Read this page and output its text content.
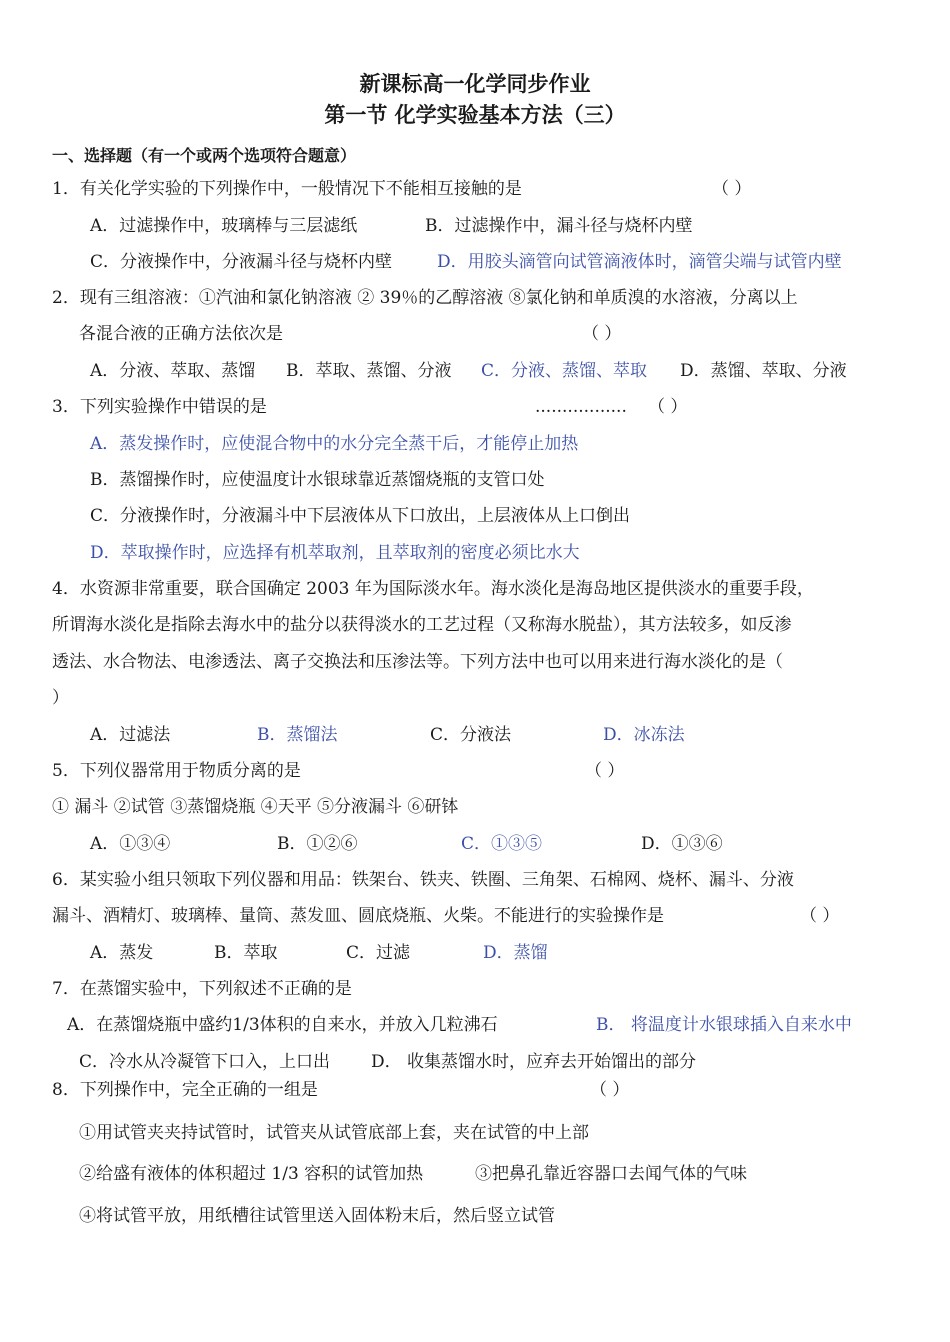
新课标高一化学同步作业
第一节 化学实验基本方法（三）
一、选择题（有一个或两个选项符合题意）
1．有关化学实验的下列操作中，一般情况下不能相互接触的是	（ ）
A．过滤操作中，玻璃棒与三层滤纸	B．过滤操作中，漏斗径与烧杯内壁
C．分液操作中，分液漏斗径与烧杯内壁	D．用胶头滴管向试管滴液体时，滴管尖端与试管内壁
2．现有三组溶液：①汽油和氯化钠溶液 ② 39％的乙醇溶液 ⑧氯化钠和单质溴的水溶液，分离以上
各混合液的正确方法依次是	（ ）
A．分液、萃取、蒸馏 B．萃取、蒸馏、分液 C．分液、蒸馏、萃取 D．蒸馏、萃取、分液
3．下列实验操作中错误的是	................. （ ）
A．蒸发操作时，应使混合物中的水分完全蒸干后，才能停止加热
B．蒸馏操作时，应使温度计水银球靠近蒸馏烧瓶的支管口处
C．分液操作时，分液漏斗中下层液体从下口放出，上层液体从上口倒出
D．萃取操作时，应选择有机萃取剂，且萃取剂的密度必须比水大
4．水资源非常重要，联合国确定 2003 年为国际淡水年。海水淡化是海岛地区提供淡水的重要手段，
所谓海水淡化是指除去海水中的盐分以获得淡水的工艺过程（又称海水脱盐），其方法较多，如反渗
透法、水合物法、电渗透法、离子交换法和压渗法等。下列方法中也可以用来进行海水淡化的是（
）
A．过滤法	B．蒸馏法	C．分液法	D．冰冻法
5．下列仪器常用于物质分离的是	（ ）
① 漏斗 ②试管 ③蒸馏烧瓶 ④天平 ⑤分液漏斗 ⑥研钵
A．①③④	B．①②⑥	C．①③⑤	D．①③⑥
6．某实验小组只领取下列仪器和用品：铁架台、铁夹、铁圈、三角架、石棉网、烧杯、漏斗、分液
漏斗、酒精灯、玻璃棒、量筒、蒸发皿、圆底烧瓶、火柴。不能进行的实验操作是	（ ）
A．蒸发	B．萃取	C．过滤	D．蒸馏
7．在蒸馏实验中，下列叙述不正确的是
A．在蒸馏烧瓶中盛约1/3体积的自来水，并放入几粒沸石	B． 将温度计水银球插入自来水中
C．冷水从冷凝管下口入，上口出 D． 收集蒸馏水时，应弃去开始馏出的部分
8．下列操作中，完全正确的一组是	（ ）
①用试管夹夹持试管时，试管夹从试管底部上套，夹在试管的中上部
②给盛有液体的体积超过 1/3 容积的试管加热	③把鼻孔靠近容器口去闻气体的气味
④将试管平放，用纸槽往试管里送入固体粉末后，然后竖立试管
